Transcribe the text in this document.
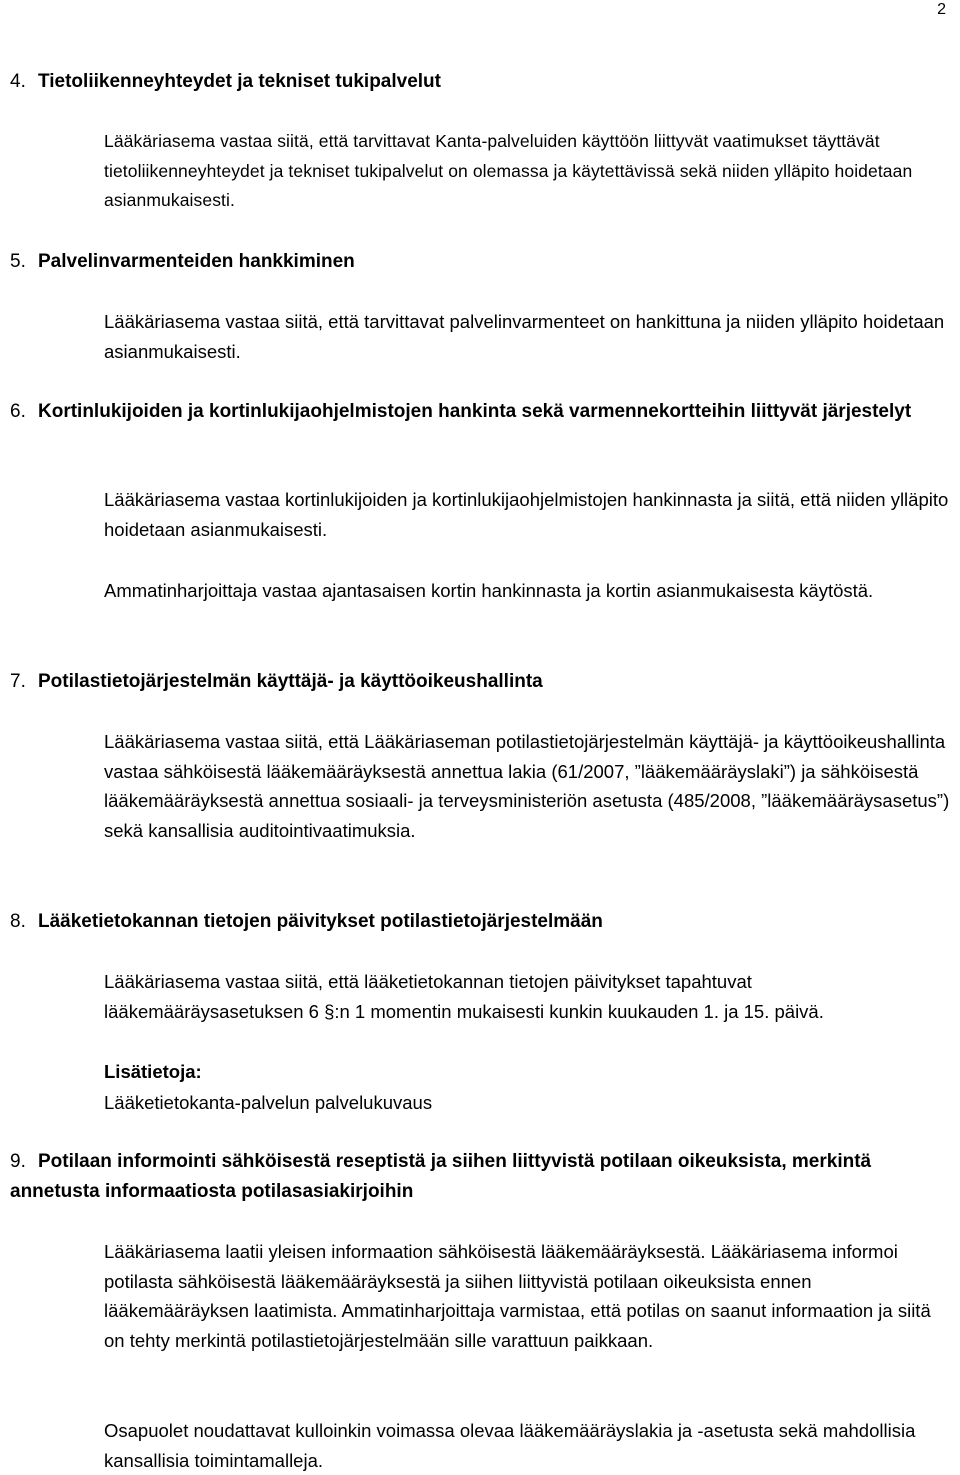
2
4. Tietoliikenneyhteydet ja tekniset tukipalvelut

Lääkäriasema vastaa siitä, että tarvittavat Kanta-palveluiden käyttöön liittyvät vaatimukset täyttävät tietoliikenneyhteydet ja tekniset tukipalvelut on olemassa ja käytettävissä sekä niiden ylläpito hoidetaan asianmukaisesti.

5. Palvelinvarmenteiden hankkiminen

Lääkäriasema vastaa siitä, että tarvittavat palvelinvarmenteet on hankittuna ja niiden ylläpito hoidetaan asianmukaisesti.

6. Kortinlukijoiden ja kortinlukijaohjelmistojen hankinta sekä varmennekortteihin liittyvät järjestelyt

Lääkäriasema vastaa kortinlukijoiden ja kortinlukijaohjelmistojen hankinnasta ja siitä, että niiden ylläpito hoidetaan asianmukaisesti.

Ammatinharjoittaja vastaa ajantasaisen kortin hankinnasta ja kortin asianmukaisesta käytöstä.

7. Potilastietojärjestelmän käyttäjä- ja käyttöoikeushallinta

Lääkäriasema vastaa siitä, että Lääkäriaseman potilastietojärjestelmän käyttäjä- ja käyttöoikeushallinta vastaa sähköisestä lääkemääräyksestä annettua lakia (61/2007, ”lääkemääräyslaki”) ja sähköisestä lääkemääräyksestä annettua sosiaali- ja terveysministeriön asetusta (485/2008, ”lääkemääräysasetus”) sekä kansallisia auditointivaatimuksia.

8. Lääketietokannan tietojen päivitykset potilastietojärjestelmään

Lääkäriasema vastaa siitä, että lääketietokannan tietojen päivitykset tapahtuvat lääkemääräysasetuksen 6 §:n 1 momentin mukaisesti kunkin kuukauden 1. ja 15. päivä.

Lisätietoja:

Lääketietokanta-palvelun palvelukuvaus

9. Potilaan informointi sähköisestä reseptistä ja siihen liittyvistä potilaan oikeuksista, merkintä annetusta informaatiosta potilasasiakirjoihin

Lääkäriasema laatii yleisen informaation sähköisestä lääkemääräyksestä. Lääkäriasema informoi potilasta sähköisestä lääkemääräyksestä ja siihen liittyvistä potilaan oikeuksista ennen lääkemääräyksen laatimista. Ammatinharjoittaja varmistaa, että potilas on saanut informaation ja siitä on tehty merkintä potilastietojärjestelmään sille varattuun paikkaan.

Osapuolet noudattavat kulloinkin voimassa olevaa lääkemääräyslakia ja -asetusta sekä mahdollisia kansallisia toimintamalleja.
